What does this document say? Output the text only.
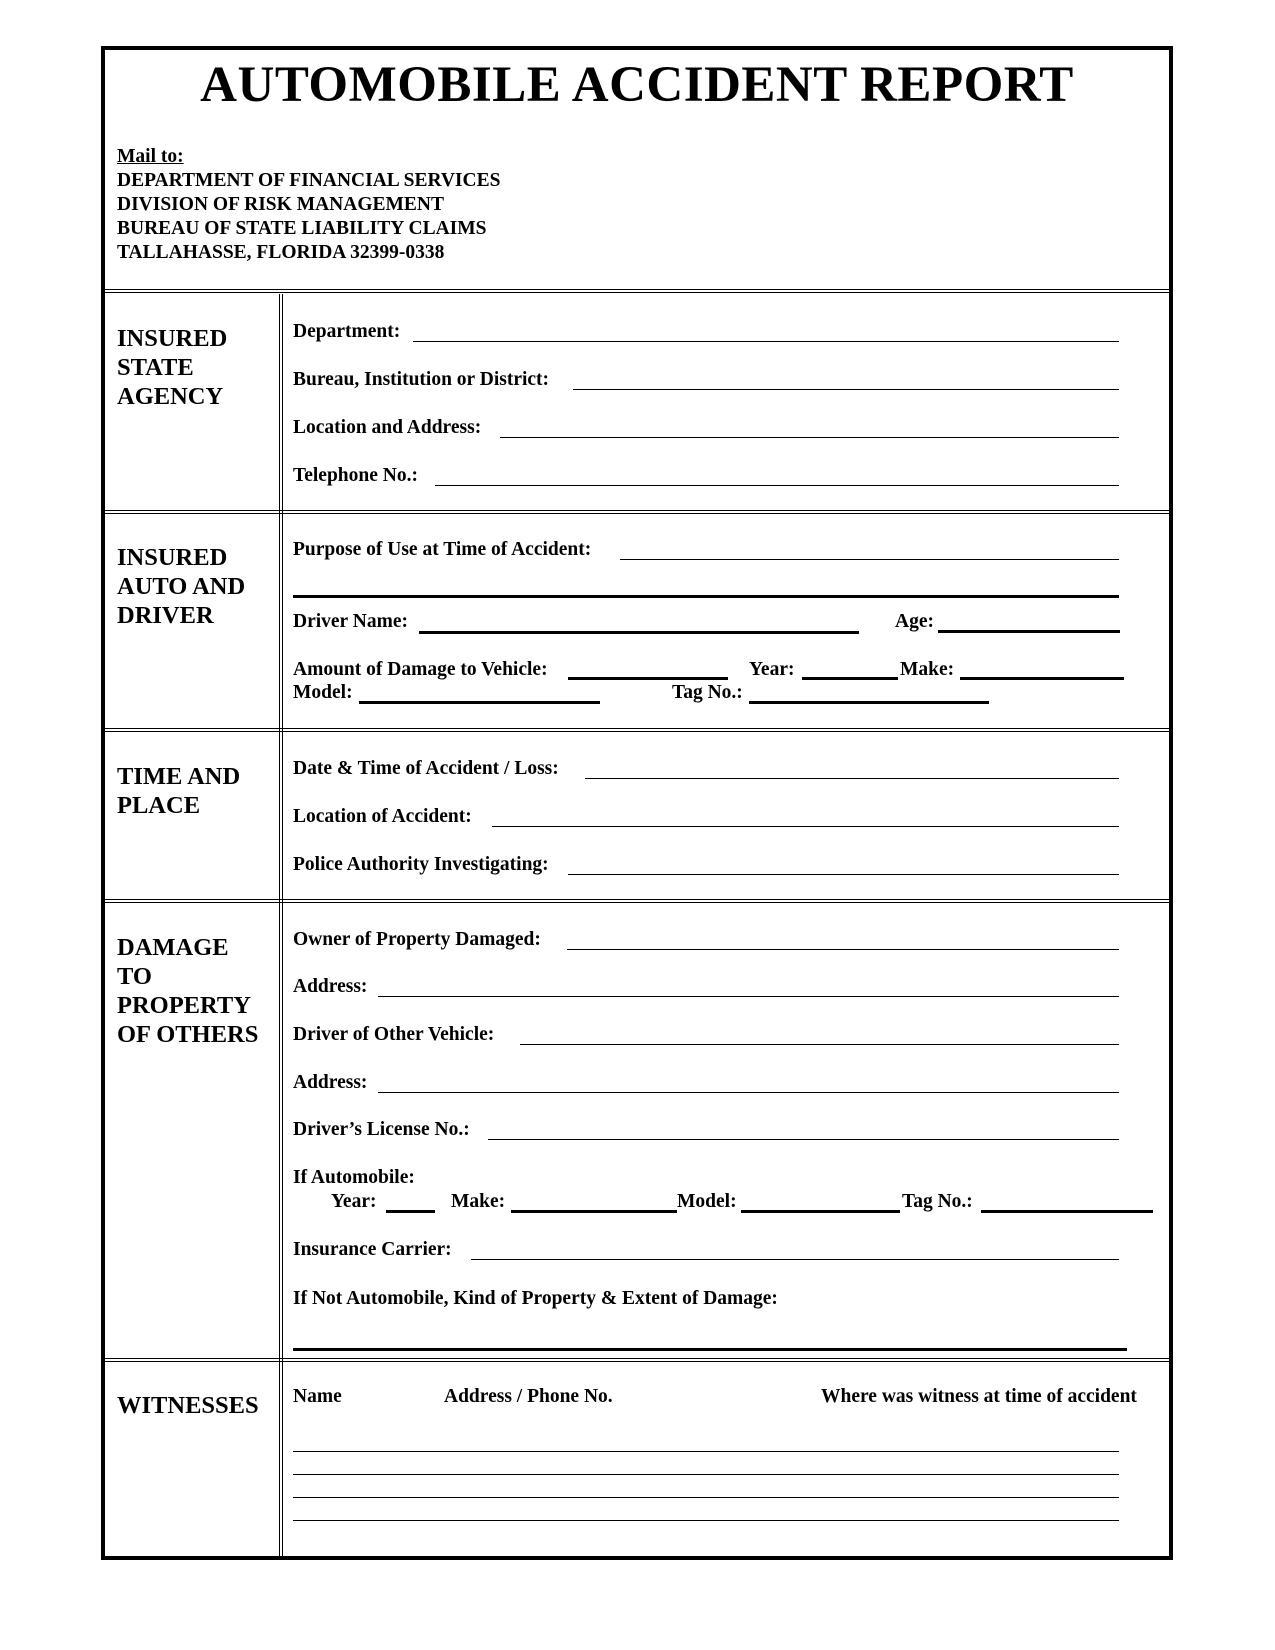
AUTOMOBILE ACCIDENT REPORT
Mail to:
DEPARTMENT OF FINANCIAL SERVICES
DIVISION OF RISK MANAGEMENT
BUREAU OF STATE LIABILITY CLAIMS
TALLAHASSE, FLORIDA 32399-0338
INSURED
STATE
AGENCY
Department:
Bureau, Institution or District:
Location and Address:
Telephone No.:
INSURED
AUTO AND
DRIVER
Purpose of Use at Time of Accident:
Driver Name:	Age:
Amount of Damage to Vehicle:	Year:	Make:
Model:	Tag No.:
TIME AND
PLACE
Date & Time of Accident / Loss:
Location of Accident:
Police Authority Investigating:
DAMAGE
TO
PROPERTY
OF OTHERS
Owner of Property Damaged:
Address:
Driver of Other Vehicle:
Address:
Driver’s License No.:
If Automobile:
Year:	Make:	Model:	Tag No.:
Insurance Carrier:
If Not Automobile, Kind of Property & Extent of Damage:
WITNESSES Name	Address / Phone No.	Where was witness at time of accident
